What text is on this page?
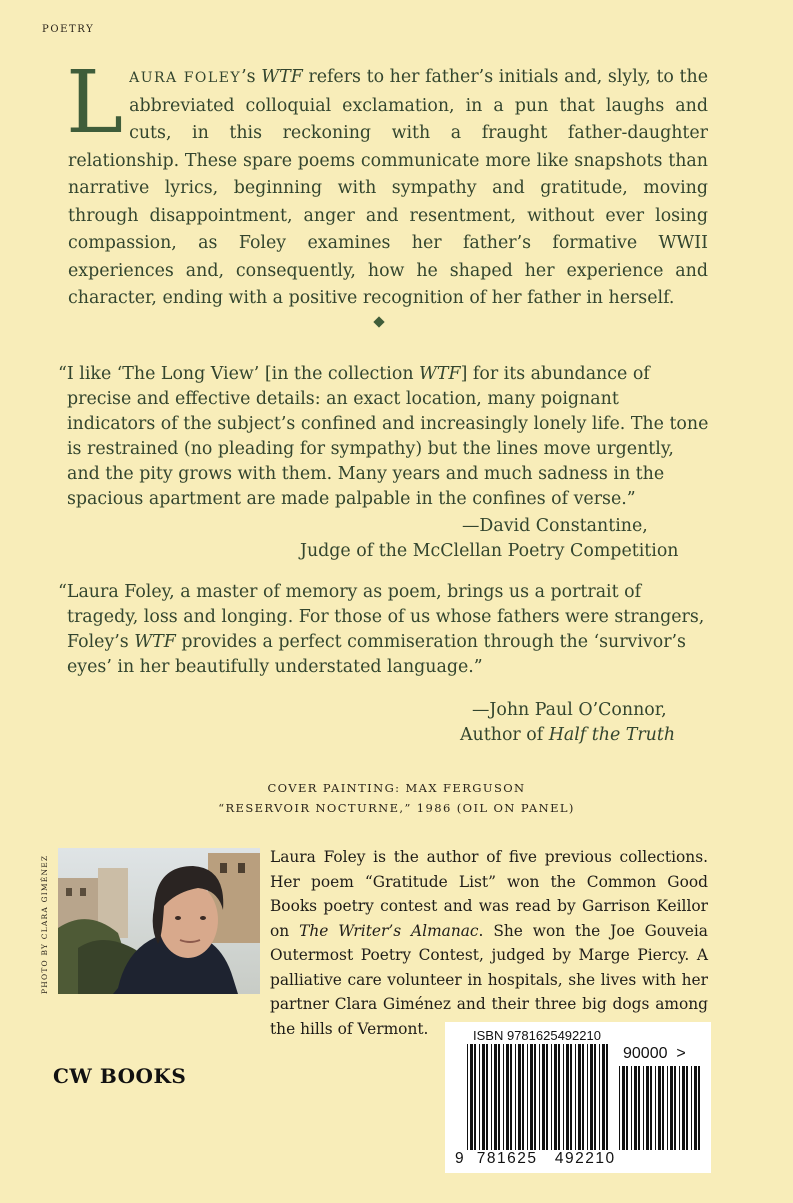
POETRY
LAURA FOLEY’s WTF refers to her father’s initials and, slyly, to the abbreviated colloquial exclamation, in a pun that laughs and cuts, in this reckoning with a fraught father-daughter relationship. These spare poems communicate more like snapshots than narrative lyrics, beginning with sympathy and gratitude, moving through disappointment, anger and resentment, without ever losing compassion, as Foley examines her father’s formative WWII experiences and, consequently, how he shaped her experience and character, ending with a positive recognition of her father in herself.
“I like ‘The Long View’ [in the collection WTF] for its abundance of precise and effective details: an exact location, many poignant indicators of the subject’s confined and increasingly lonely life. The tone is restrained (no pleading for sympathy) but the lines move urgently, and the pity grows with them. Many years and much sadness in the spacious apartment are made palpable in the confines of verse.”
—David Constantine,
Judge of the McClellan Poetry Competition
“Laura Foley, a master of memory as poem, brings us a portrait of tragedy, loss and longing. For those of us whose fathers were strangers, Foley’s WTF provides a perfect commiseration through the ‘survivor’s eyes’ in her beautifully understated language.”
—John Paul O’Connor,
Author of Half the Truth
COVER PAINTING: MAX FERGUSON
“RESERVOIR NOCTURNE,” 1986 (OIL ON PANEL)
PHOTO BY CLARA GIMÉNEZ	Laura Foley is the author of five previous collections. Her poem “Gratitude List” won the Common Good Books poetry contest and was read by Garrison Keillor on The Writer’s Almanac. She won the Joe Gouveia Outermost Poetry Contest, judged by Marge Piercy. A palliative care volunteer in hospitals, she lives with her partner Clara Giménez and their three big dogs among the hills of Vermont.
CW BOOKS
ISBN 9781625492210
90000 >
9 781625 492210
